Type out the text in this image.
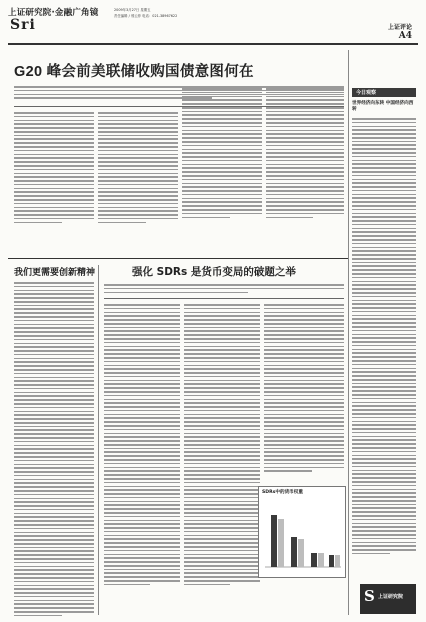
上证研究院·金融广角镜
Sri
2009年3月27日 星期五
责任编辑 / 邢云菲 电话：021-38967622
上证评论
A4
G20 峰会前美联储收购国债意图何在
今日观察
世界经济向东转 中国经济向西转
我们更需要创新精神	强化 SDRs 是货币变局的破题之举
SDRs中的货币权重
S 上证研究院
